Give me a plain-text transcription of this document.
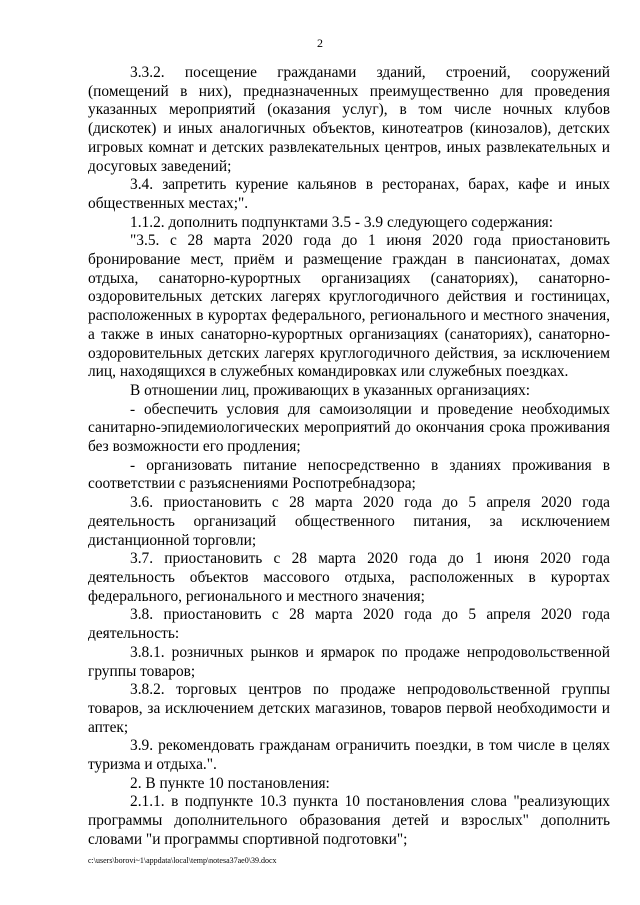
2

3.3.2. посещение гражданами зданий, строений, сооружений (помещений в них), предназначенных преимущественно для проведения указанных мероприятий (оказания услуг), в том числе ночных клубов (дискотек) и иных аналогичных объектов, кинотеатров (кинозалов), детских игровых комнат и детских развлекательных центров, иных развлекательных и досуговых заведений;

3.4. запретить курение кальянов в ресторанах, барах, кафе и иных общественных местах;".

1.1.2. дополнить подпунктами 3.5 - 3.9 следующего содержания:

"3.5. с 28 марта 2020 года до 1 июня 2020 года приостановить бронирование мест, приём и размещение граждан в пансионатах, домах отдыха, санаторно-курортных организациях (санаториях), санаторно-оздоровительных детских лагерях круглогодичного действия и гостиницах, расположенных в курортах федерального, регионального и местного значения, а также в иных санаторно-курортных организациях (санаториях), санаторно-оздоровительных детских лагерях круглогодичного действия, за исключением лиц, находящихся в служебных командировках или служебных поездках.

В отношении лиц, проживающих в указанных организациях:

- обеспечить условия для самоизоляции и проведение необходимых санитарно-эпидемиологических мероприятий до окончания срока проживания без возможности его продления;

- организовать питание непосредственно в зданиях проживания в соответствии с разъяснениями Роспотребнадзора;

3.6. приостановить с 28 марта 2020 года до 5 апреля 2020 года деятельность организаций общественного питания, за исключением дистанционной торговли;

3.7. приостановить с 28 марта 2020 года до 1 июня 2020 года деятельность объектов массового отдыха, расположенных в курортах федерального, регионального и местного значения;

3.8. приостановить с 28 марта 2020 года до 5 апреля 2020 года деятельность:

3.8.1. розничных рынков и ярмарок по продаже непродовольственной группы товаров;

3.8.2. торговых центров по продаже непродовольственной группы товаров, за исключением детских магазинов, товаров первой необходимости и аптек;

3.9. рекомендовать гражданам ограничить поездки, в том числе в целях туризма и отдыха.".

2. В пункте 10 постановления:

2.1.1. в подпункте 10.3 пункта 10 постановления слова "реализующих программы дополнительного образования детей и взрослых" дополнить словами "и программы спортивной подготовки";

c:\users\borovi~1\appdata\local\temp\notesa37ae0\39.docx
